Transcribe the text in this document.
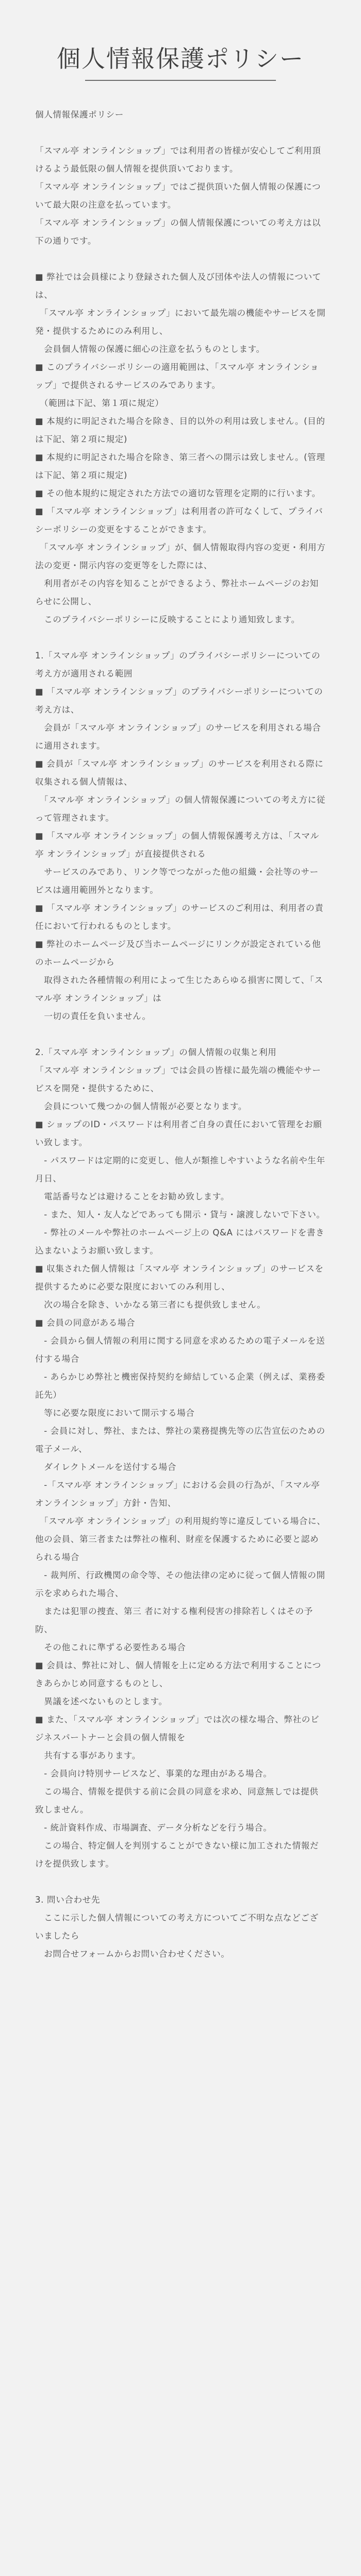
個人情報保護ポリシー
個人情報保護ポリシー

「スマル亭 オンラインショップ」では利用者の皆様が安心してご利用頂けるよう最低限の個人情報を提供頂いております。
「スマル亭 オンラインショップ」ではご提供頂いた個人情報の保護について最大限の注意を払っています。
「スマル亭 オンラインショップ」の個人情報保護についての考え方は以下の通りです。

■ 弊社では会員様により登録された個人及び団体や法人の情報については、
　「スマル亭 オンラインショップ」において最先端の機能やサービスを開発・提供するためにのみ利用し、
　会員個人情報の保護に細心の注意を払うものとします。
■ このプライバシーポリシーの適用範囲は、「スマル亭 オンラインショップ」で提供されるサービスのみであります。
　（範囲は下記、第１項に規定）
■ 本規約に明記された場合を除き、目的以外の利用は致しません。(目的は下記、第２項に規定)
■ 本規約に明記された場合を除き、第三者への開示は致しません。(管理は下記、第２項に規定)
■ その他本規約に規定された方法での適切な管理を定期的に行います。
■ 「スマル亭 オンラインショップ」は利用者の許可なくして、プライバシーポリシーの変更をすることができます。
　「スマル亭 オンラインショップ」が、個人情報取得内容の変更・利用方法の変更・開示内容の変更等をした際には、
　利用者がその内容を知ることができるよう、弊社ホームページのお知らせに公開し、
　このプライバシーポリシーに反映することにより通知致します。

1.「スマル亭 オンラインショップ」のプライバシーポリシーについての考え方が適用される範囲
■ 「スマル亭 オンラインショップ」のプライバシーポリシーについての考え方は、
　会員が「スマル亭 オンラインショップ」のサービスを利用される場合に適用されます。
■ 会員が「スマル亭 オンラインショップ」のサービスを利用される際に収集される個人情報は、
　「スマル亭 オンラインショップ」の個人情報保護についての考え方に従って管理されます。
■ 「スマル亭 オンラインショップ」の個人情報保護考え方は、「スマル亭 オンラインショップ」が直接提供される
　サービスのみであり、リンク等でつながった他の組織・会社等のサービスは適用範囲外となります。
■ 「スマル亭 オンラインショップ」のサービスのご利用は、利用者の責任において行われるものとします。
■ 弊社のホームページ及び当ホームページにリンクが設定されている他のホームページから
　取得された各種情報の利用によって生じたあらゆる損害に関して、「スマル亭 オンラインショップ」は
　一切の責任を負いません。

2.「スマル亭 オンラインショップ」の個人情報の収集と利用
「スマル亭 オンラインショップ」では会員の皆様に最先端の機能やサービスを開発・提供するために、
　会員について幾つかの個人情報が必要となります。
■ ショップのID・パスワードは利用者ご自身の責任において管理をお願い致します。
　- パスワードは定期的に変更し、他人が類推しやすいような名前や生年月日、
　電話番号などは避けることをお勧め致します。
　- また、知人・友人などであっても開示・貸与・譲渡しないで下さい。
　- 弊社のメールや弊社のホームページ上の Q&A にはパスワードを書き込まないようお願い致します。
■ 収集された個人情報は「スマル亭 オンラインショップ」のサービスを提供するために必要な限度においてのみ利用し、
　次の場合を除き、いかなる第三者にも提供致しません。
■ 会員の同意がある場合
　- 会員から個人情報の利用に関する同意を求めるための電子メールを送付する場合
　- あらかじめ弊社と機密保持契約を締結している企業（例えば、業務委託先）
　等に必要な限度において開示する場合
　- 会員に対し、弊社、または、弊社の業務提携先等の広告宣伝のための電子メール、
　ダイレクトメールを送付する場合
　-「スマル亭 オンラインショップ」における会員の行為が、「スマル亭 オンラインショップ」方針・告知、
　「スマル亭 オンラインショップ」の利用規約等に違反している場合に、他の会員、第三者または弊社の権利、財産を保護するために必要と認められる場合
　- 裁判所、行政機関の命令等、その他法律の定めに従って個人情報の開示を求められた場合、
　または犯罪の捜査、第三 者に対する権利侵害の排除若しくはその予防、
　その他これに準ずる必要性ある場合
■ 会員は、弊社に対し、個人情報を上に定める方法で利用することにつきあらかじめ同意するものとし、
　異議を述べないものとします。
■ また、「スマル亭 オンラインショップ」では次の様な場合、弊社のビジネスパートナーと会員の個人情報を
　共有する事があります。
　- 会員向け特別サービスなど、事業的な理由がある場合。
　この場合、情報を提供する前に会員の同意を求め、同意無しでは提供致しません。
　- 統計資料作成、市場調査、データ分析などを行う場合。
　この場合、特定個人を判別することができない様に加工された情報だけを提供致します。

3. 問い合わせ先
　ここに示した個人情報についての考え方についてご不明な点などございましたら
　お問合せフォームからお問い合わせください。
